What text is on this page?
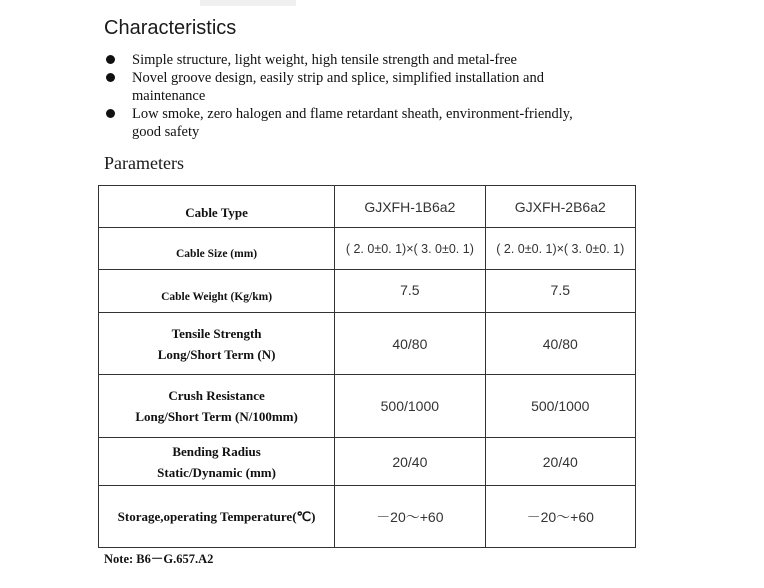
Characteristics
Simple structure, light weight, high tensile strength and metal-free
Novel groove design, easily strip and splice, simplified installation and maintenance
Low smoke, zero halogen and flame retardant sheath, environment-friendly, good safety
Parameters
Cable Type	GJXFH-1B6a2	GJXFH-2B6a2
Cable Size (mm)	( 2. 0±0. 1)×( 3. 0±0. 1)	( 2. 0±0. 1)×( 3. 0±0. 1)
Cable Weight (Kg/km)	7.5	7.5

Tensile Strength
Long/Short Term (N)	40/80	40/80

Crush Resistance
Long/Short Term (N/100mm)	500/1000	500/1000

Bending Radius
Static/Dynamic (mm)	20/40	20/40
Storage,operating Temperature(℃)	－20～+60	－20～+60
Note: B6－G.657.A2
